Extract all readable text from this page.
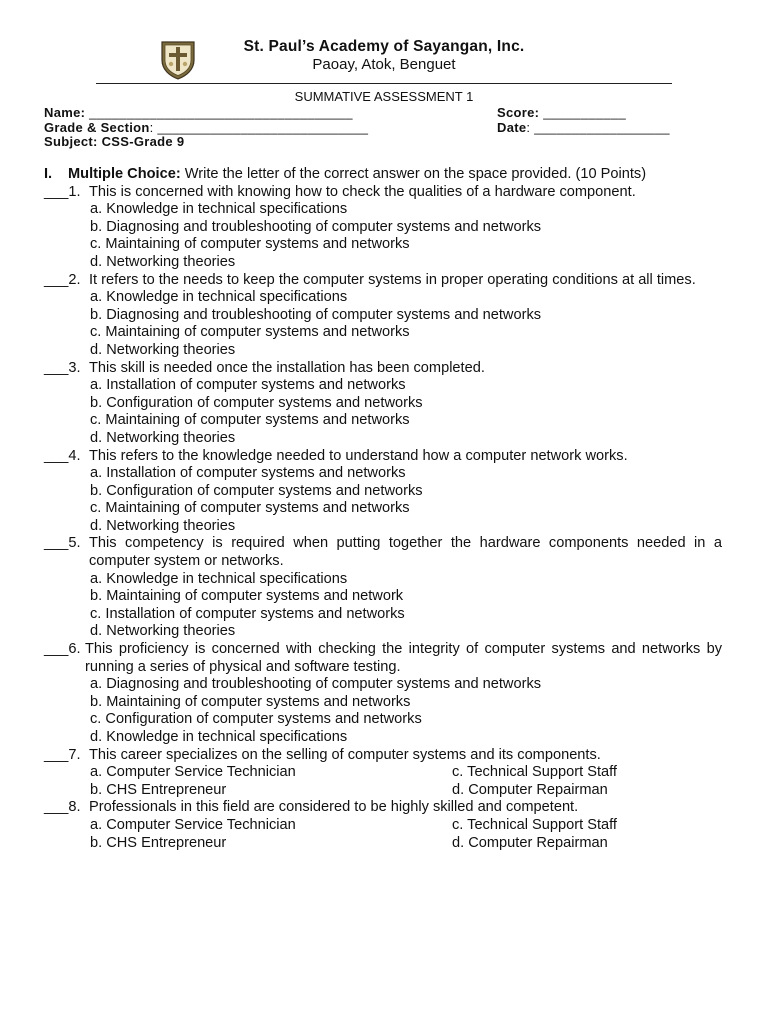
St. Paul’s Academy of Sayangan, Inc.
Paoay, Atok, Benguet
SUMMATIVE ASSESSMENT 1
Name: ___________________________________	Score: ___________
Grade & Section: ____________________________	Date: __________________
Subject: CSS-Grade 9
I. Multiple Choice: Write the letter of the correct answer on the space provided. (10 Points)
___1. This is concerned with knowing how to check the qualities of a hardware component.
a. Knowledge in technical specifications
b. Diagnosing and troubleshooting of computer systems and networks
c. Maintaining of computer systems and networks
d. Networking theories
___2. It refers to the needs to keep the computer systems in proper operating conditions at all times.
a. Knowledge in technical specifications
b. Diagnosing and troubleshooting of computer systems and networks
c. Maintaining of computer systems and networks
d. Networking theories
___3. This skill is needed once the installation has been completed.
a. Installation of computer systems and networks
b. Configuration of computer systems and networks
c. Maintaining of computer systems and networks
d. Networking theories
___4. This refers to the knowledge needed to understand how a computer network works.
a. Installation of computer systems and networks
b. Configuration of computer systems and networks
c. Maintaining of computer systems and networks
d. Networking theories
___5. This competency is required when putting together the hardware components needed in a computer system or networks.
a. Knowledge in technical specifications
b. Maintaining of computer systems and network
c. Installation of computer systems and networks
d. Networking theories
___6. This proficiency is concerned with checking the integrity of computer systems and networks by running a series of physical and software testing.
a. Diagnosing and troubleshooting of computer systems and networks
b. Maintaining of computer systems and networks
c. Configuration of computer systems and networks
d. Knowledge in technical specifications
___7. This career specializes on the selling of computer systems and its components.
a. Computer Service Technician	c. Technical Support Staff
b. CHS Entrepreneur	d. Computer Repairman
___8. Professionals in this field are considered to be highly skilled and competent.
a. Computer Service Technician	c. Technical Support Staff
b. CHS Entrepreneur	d. Computer Repairman
